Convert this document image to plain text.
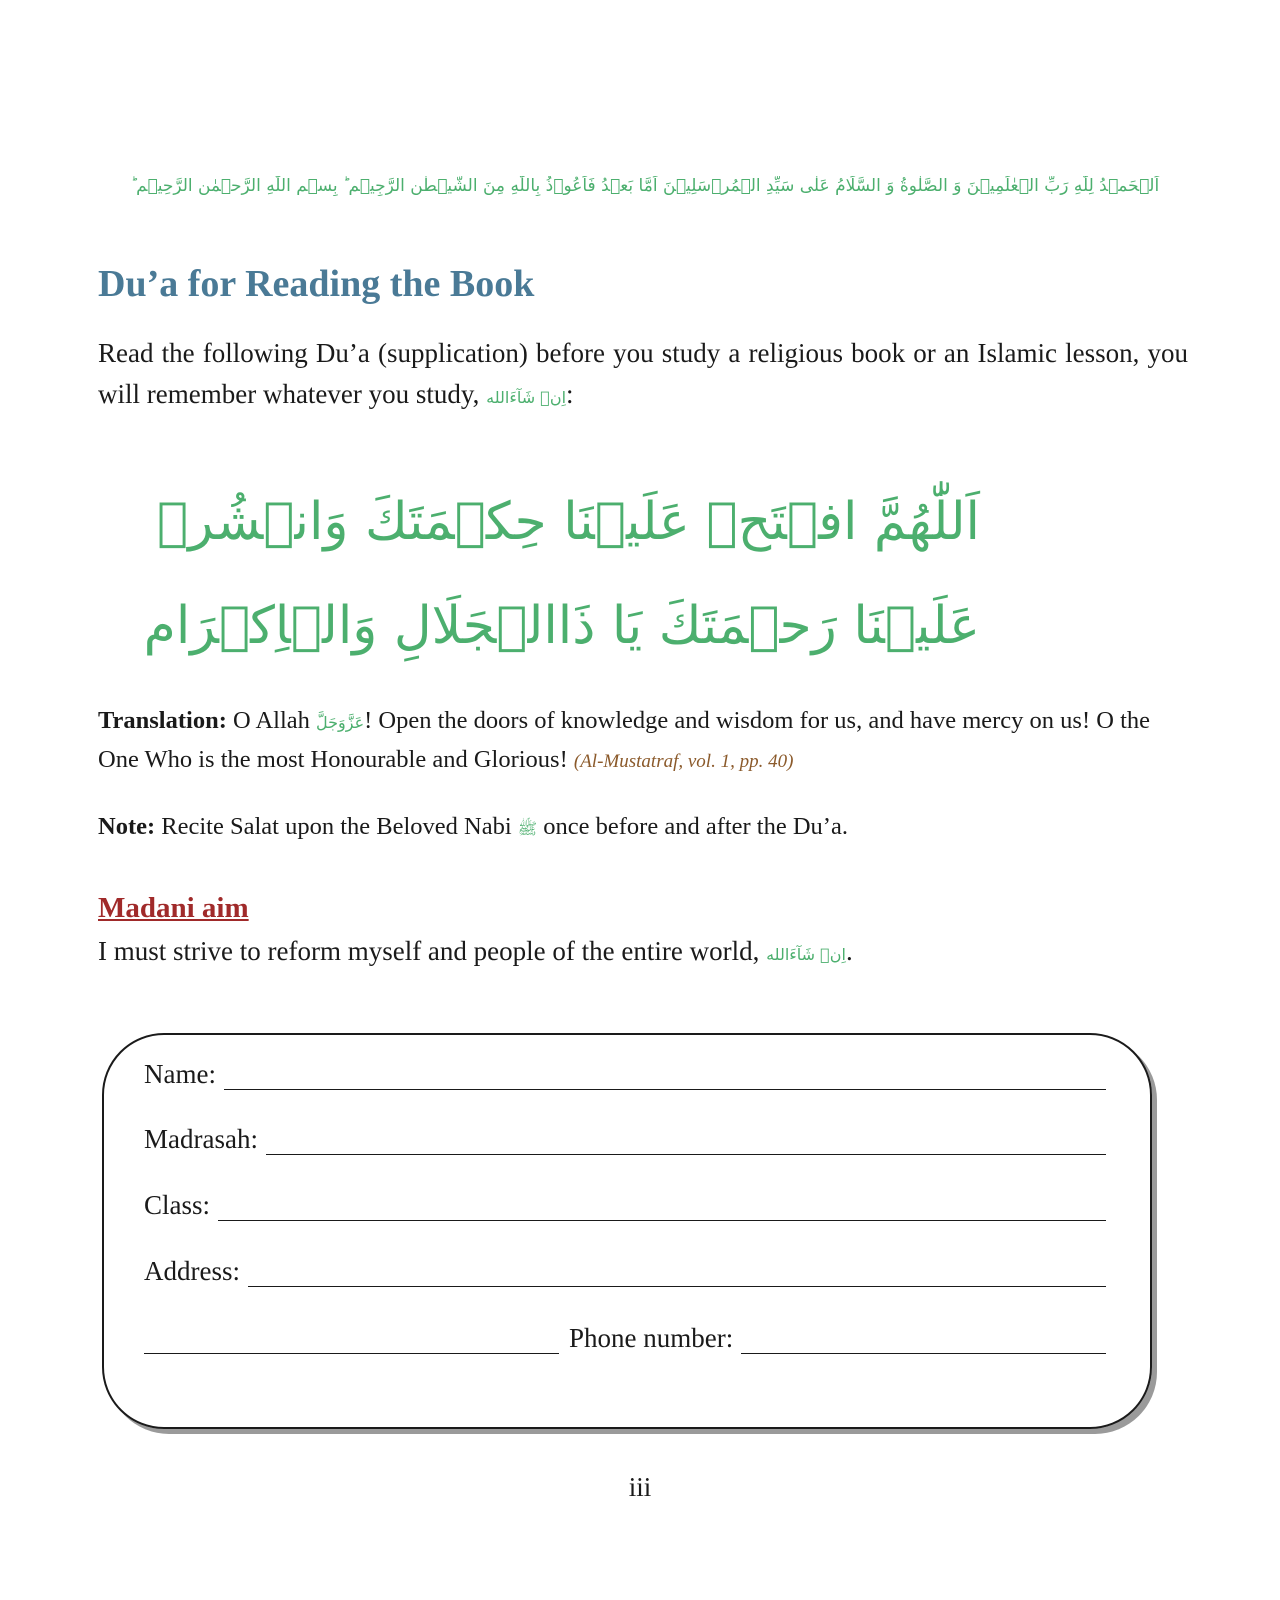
اَلۡحَمۡدُ لِلّٰهِ رَبِّ الۡعٰلَمِيۡنَ وَ الصَّلٰوةُ وَ السَّلَامُ عَلٰى سَيِّدِ الۡمُرۡسَلِيۡنَ اَمَّا بَعۡدُ فَاَعُوۡذُ بِاللّٰهِ مِنَ الشَّيۡطٰنِ الرَّجِيۡمِ ؕ بِسۡمِ اللّٰهِ الرَّحۡمٰنِ الرَّحِيۡمِ ؕ
Du’a for Reading the Book

Read the following Du’a (supplication) before you study a religious book or an Islamic lesson, you will remember whatever you study, اِنۡ شَآءَالله:

اَللّٰهُمَّ افۡتَحۡ عَلَيۡنَا حِكۡمَتَكَ وَانۡشُرۡ
عَلَيۡنَا رَحۡمَتَكَ يَا ذَاالۡجَلَالِ وَالۡاِكۡرَام

Translation: O Allah عَزَّوَجَلَّ! Open the doors of knowledge and wisdom for us, and have mercy on us! O the One Who is the most Honourable and Glorious! (Al-Mustatraf, vol. 1, pp. 40)

Note: Recite Salat upon the Beloved Nabi ﷺ once before and after the Du’a.

Madani aim

I must strive to reform myself and people of the entire world, اِنۡ شَآءَالله.

Name:
Madrasah:
Class:
Address:
Phone number:

iii
